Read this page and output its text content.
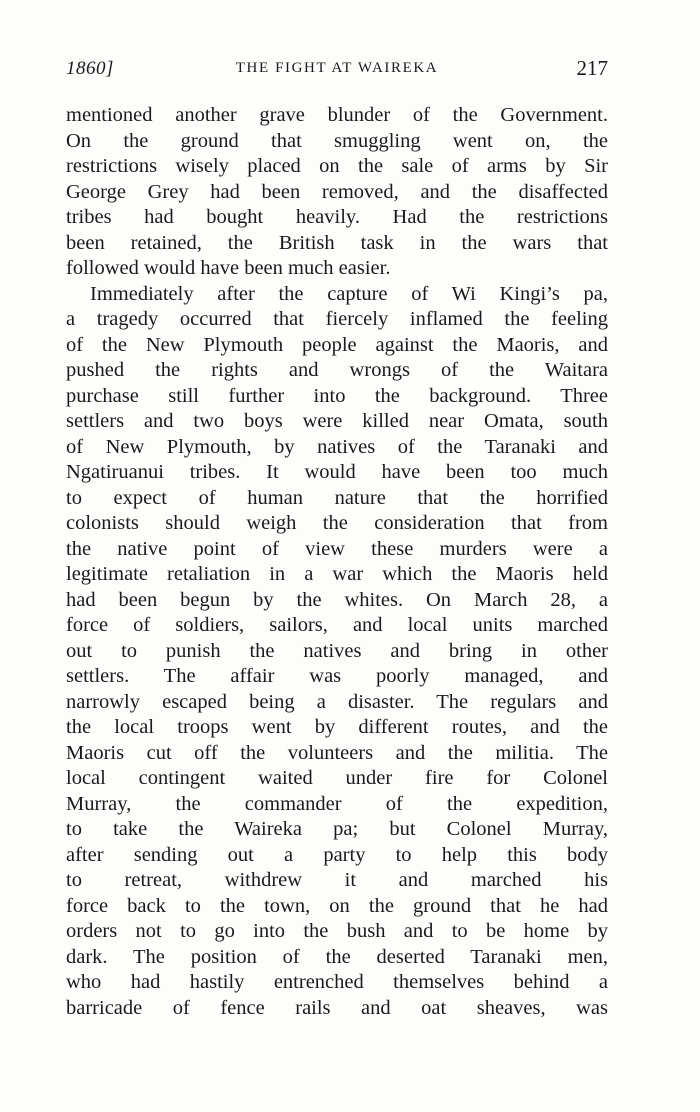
1860]	THE FIGHT AT WAIREKA	217
mentioned another grave blunder of the Government.
On the ground that smuggling went on, the
restrictions wisely placed on the sale of arms by Sir
George Grey had been removed, and the disaffected
tribes had bought heavily. Had the restrictions
been retained, the British task in the wars that
followed would have been much easier.
Immediately after the capture of Wi Kingi’s pa,
a tragedy occurred that fiercely inflamed the feeling
of the New Plymouth people against the Maoris, and
pushed the rights and wrongs of the Waitara
purchase still further into the background. Three
settlers and two boys were killed near Omata, south
of New Plymouth, by natives of the Taranaki and
Ngatiruanui tribes. It would have been too much
to expect of human nature that the horrified
colonists should weigh the consideration that from
the native point of view these murders were a
legitimate retaliation in a war which the Maoris held
had been begun by the whites. On March 28, a
force of soldiers, sailors, and local units marched
out to punish the natives and bring in other
settlers. The affair was poorly managed, and
narrowly escaped being a disaster. The regulars and
the local troops went by different routes, and the
Maoris cut off the volunteers and the militia. The
local contingent waited under fire for Colonel
Murray, the commander of the expedition,
to take the Waireka pa; but Colonel Murray,
after sending out a party to help this body
to retreat, withdrew it and marched his
force back to the town, on the ground that he had
orders not to go into the bush and to be home by
dark. The position of the deserted Taranaki men,
who had hastily entrenched themselves behind a
barricade of fence rails and oat sheaves, was
